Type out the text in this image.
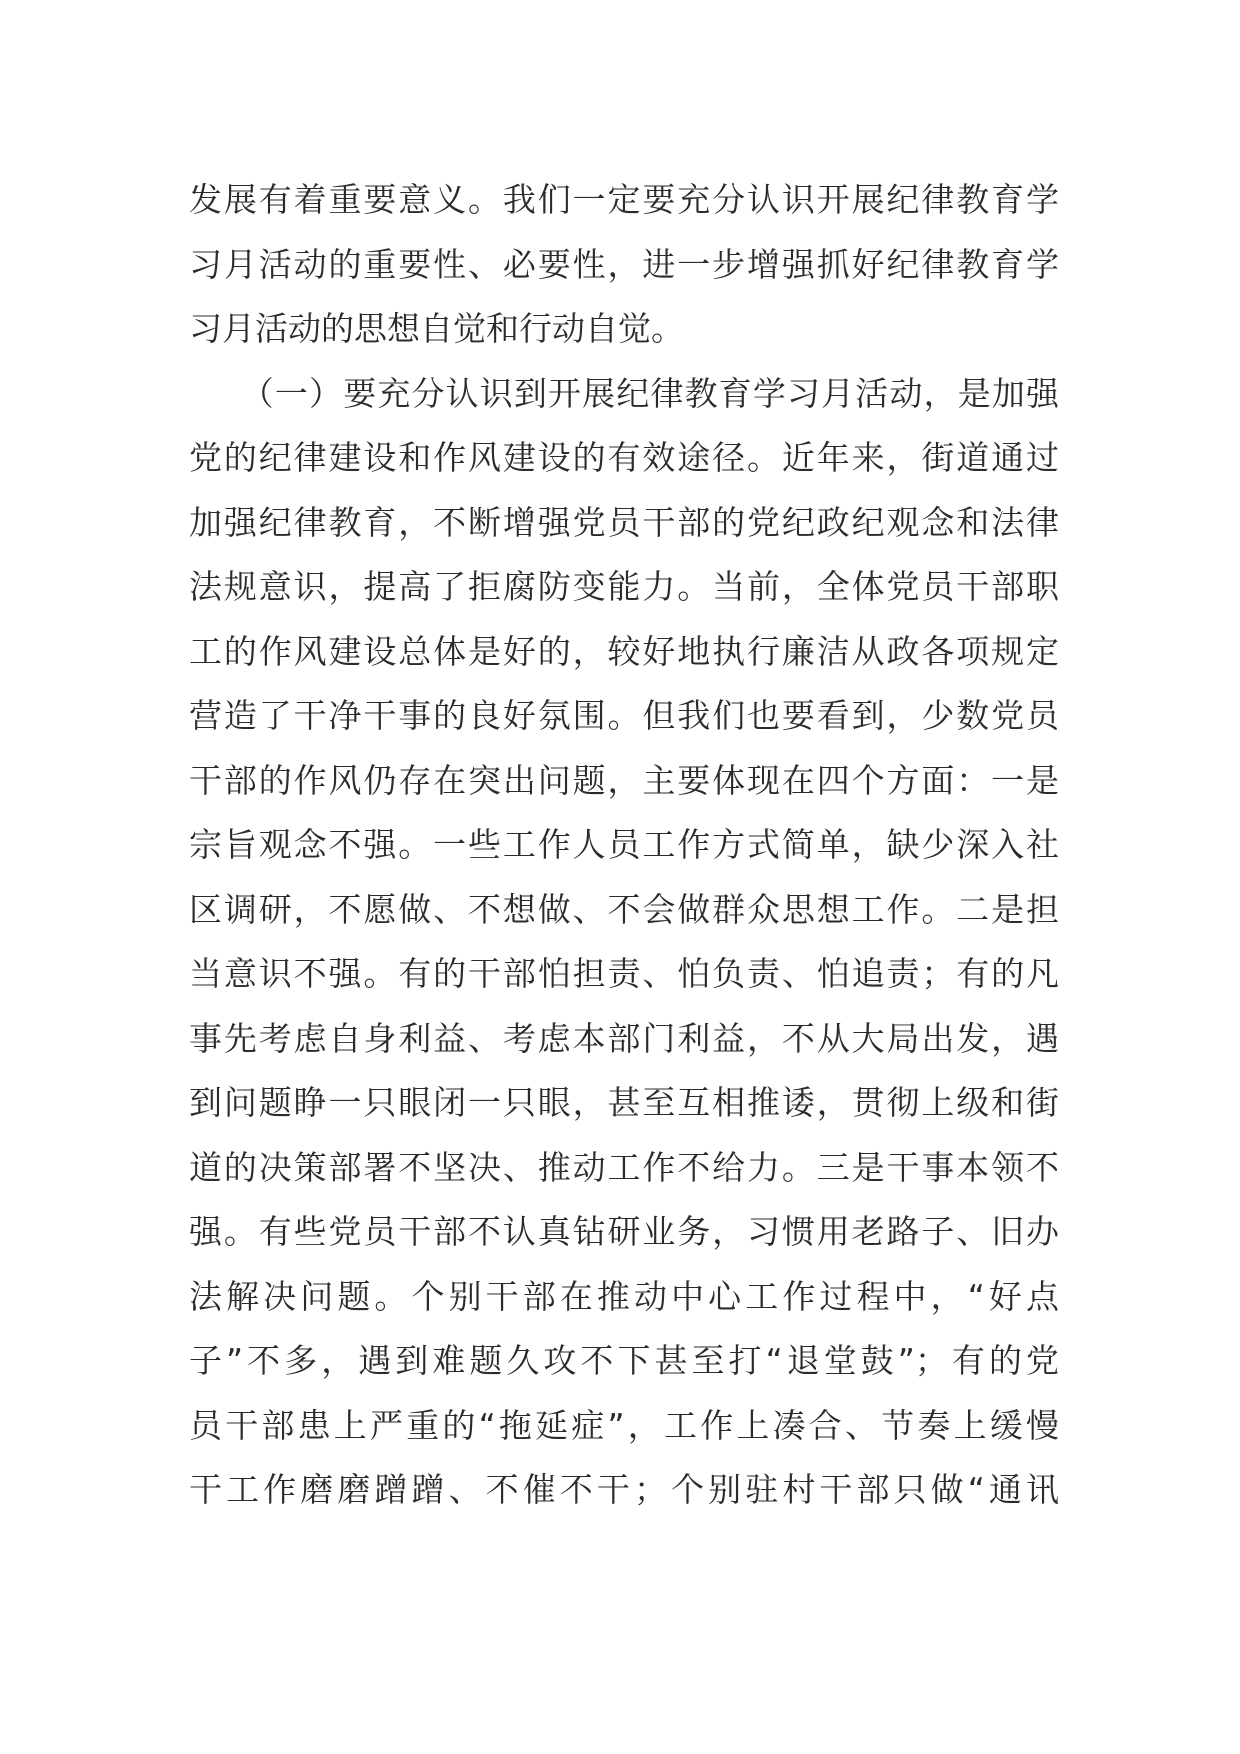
发展有着重要意义。我们一定要充分认识开展纪律教育学
习月活动的重要性、必要性，进一步增强抓好纪律教育学
习月活动的思想自觉和行动自觉。
　　（一）要充分认识到开展纪律教育学习月活动，是加强
党的纪律建设和作风建设的有效途径。近年来，街道通过
加强纪律教育，不断增强党员干部的党纪政纪观念和法律
法规意识，提高了拒腐防变能力。当前，全体党员干部职
工的作风建设总体是好的，较好地执行廉洁从政各项规定
营造了干净干事的良好氛围。但我们也要看到，少数党员
干部的作风仍存在突出问题，主要体现在四个方面：一是
宗旨观念不强。一些工作人员工作方式简单，缺少深入社
区调研，不愿做、不想做、不会做群众思想工作。二是担
当意识不强。有的干部怕担责、怕负责、怕追责；有的凡
事先考虑自身利益、考虑本部门利益，不从大局出发，遇
到问题睁一只眼闭一只眼，甚至互相推诿，贯彻上级和街
道的决策部署不坚决、推动工作不给力。三是干事本领不
强。有些党员干部不认真钻研业务，习惯用老路子、旧办
法解决问题。个别干部在推动中心工作过程中，“好点
子”不多，遇到难题久攻不下甚至打“退堂鼓”；有的党
员干部患上严重的“拖延症”，工作上凑合、节奏上缓慢
干工作磨磨蹭蹭、不催不干；个别驻村干部只做“通讯
